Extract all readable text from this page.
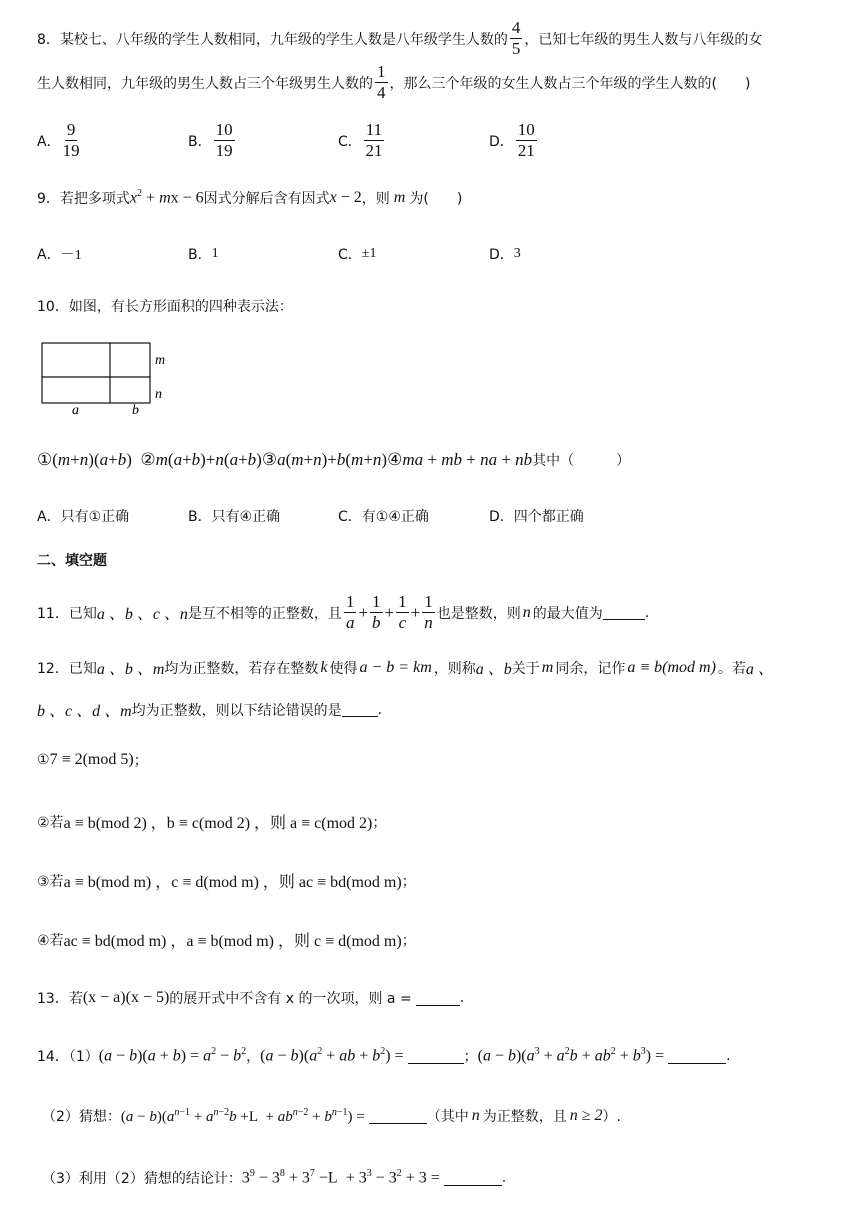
8．某校七、八年级的学生人数相同，九年级的学生人数是八年级学生人数的 $\frac{4}{5}$ ，已知七年级的男生人数与八年级的女
生人数相同，九年级的男生人数占三个年级男生人数的 $\frac{1}{4}$ ，那么三个年级的女生人数占三个年级的学生人数的(　　)
A． $\frac{9}{19}$	B． $\frac{10}{19}$	C． $\frac{11}{21}$	D． $\frac{10}{21}$
9．若把多项式 $x^2$ + mx − 6 因式分解后含有因式 x − 2 ，则 m 为(　　)
A． －1	B． 1	C． ±1	D． 3
10．如图，有长方形面积的四种表示法：
m
n
a	b
①(m+n)(a+b)  ②m(a+b)+n(a+b)③a(m+n)+b(m+n)④ma + mb + na + nb 其中（　　　）
A． 只有①正确	B． 只有④正确	C． 有①④正确	D． 四个都正确
二、填空题
11．已知 a 、b 、c 、n 是互不相等的正整数，且 $\frac{1}{a} + \frac{1}{b} + \frac{1}{c} + \frac{1}{n}$ 也是整数，则 n 的最大值为	.
12．已知 a 、b 、m 均为正整数，若存在整数 k 使得 a − b = km ，则称 a 、b 关于 m 同余，记作 a ≡ b(mod m) 。若 a 、
b 、c 、d 、m 均为正整数，则以下结论错误的是	.
① 7 ≡ 2(mod 5) ；
②若 a ≡ b(mod 2) ，b ≡ c(mod 2) ，则 a ≡ c(mod 2) ；
③若 a ≡ b(mod m) ，c ≡ d(mod m) ，则 ac ≡ bd(mod m) ；
④若 ac ≡ bd(mod m) ，a ≡ b(mod m) ，则 c ≡ d(mod m) ；
13．若 (x − a)(x − 5) 的展开式中不含有 x 的一次项，则 a =	.
14．（1） $(a - b)(a + b) = a^2 - b^2$ ， $(a - b)(a^2$ + ab + $b^2$) =	； $(a - b)(a^3 + a^2b + ab^2 + b^3)$ =	.
（2）猜想： $(a - b)(a^{n-1} + a^{n-2}b +L + ab^{n-2} + b^{n-1})$ =	（其中 n 为正整数，且 n ≥ 2 ）.
（3）利用（2）猜想的结论计： $3^9 - 3^8 + 3^7 -L + 3^3 - 3^2 + 3$ =	.
